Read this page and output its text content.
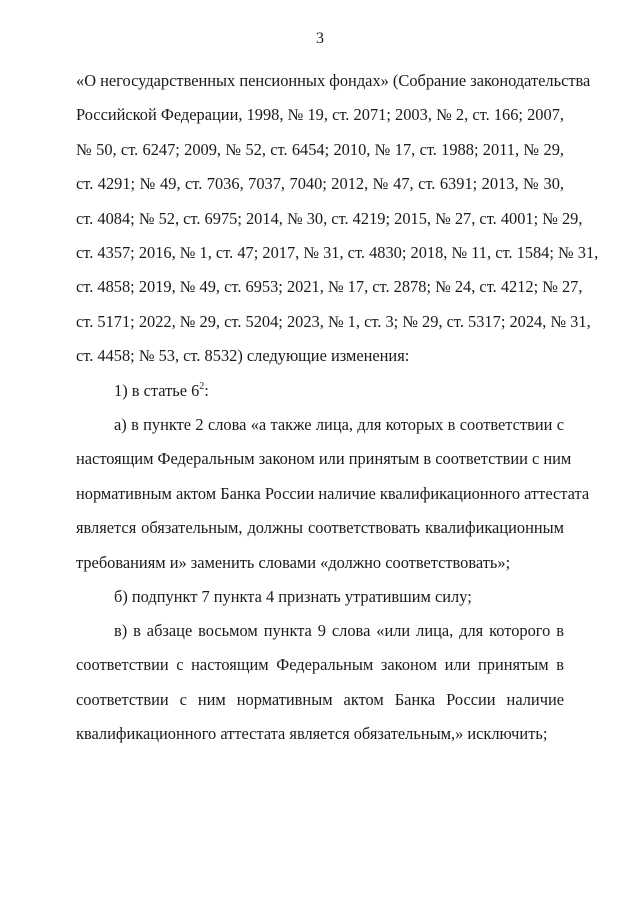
3
«О негосударственных пенсионных фондах» (Собрание законодательства
Российской Федерации, 1998, № 19, ст. 2071; 2003, № 2, ст. 166; 2007,
№ 50, ст. 6247; 2009, № 52, ст. 6454; 2010, № 17, ст. 1988; 2011, № 29,
ст. 4291; № 49, ст. 7036, 7037, 7040; 2012, № 47, ст. 6391; 2013, № 30,
ст. 4084; № 52, ст. 6975; 2014, № 30, ст. 4219; 2015, № 27, ст. 4001; № 29,
ст. 4357; 2016, № 1, ст. 47; 2017, № 31, ст. 4830; 2018, № 11, ст. 1584; № 31,
ст. 4858; 2019, № 49, ст. 6953; 2021, № 17, ст. 2878; № 24, ст. 4212; № 27,
ст. 5171; 2022, № 29, ст. 5204; 2023, № 1, ст. 3; № 29, ст. 5317; 2024, № 31,
ст. 4458; № 53, ст. 8532) следующие изменения:
1) в статье $6^2$:
а) в пункте 2 слова «а также лица, для которых в соответствии с
настоящим Федеральным законом или принятым в соответствии с ним
нормативным актом Банка России наличие квалификационного аттестата
является обязательным, должны соответствовать квалификационным
требованиям и» заменить словами «должно соответствовать»;
б) подпункт 7 пункта 4 признать утратившим силу;
в) в абзаце восьмом пункта 9 слова «или лица, для которого в
соответствии с настоящим Федеральным законом или принятым в
соответствии с ним нормативным актом Банка России наличие
квалификационного аттестата является обязательным,» исключить;
